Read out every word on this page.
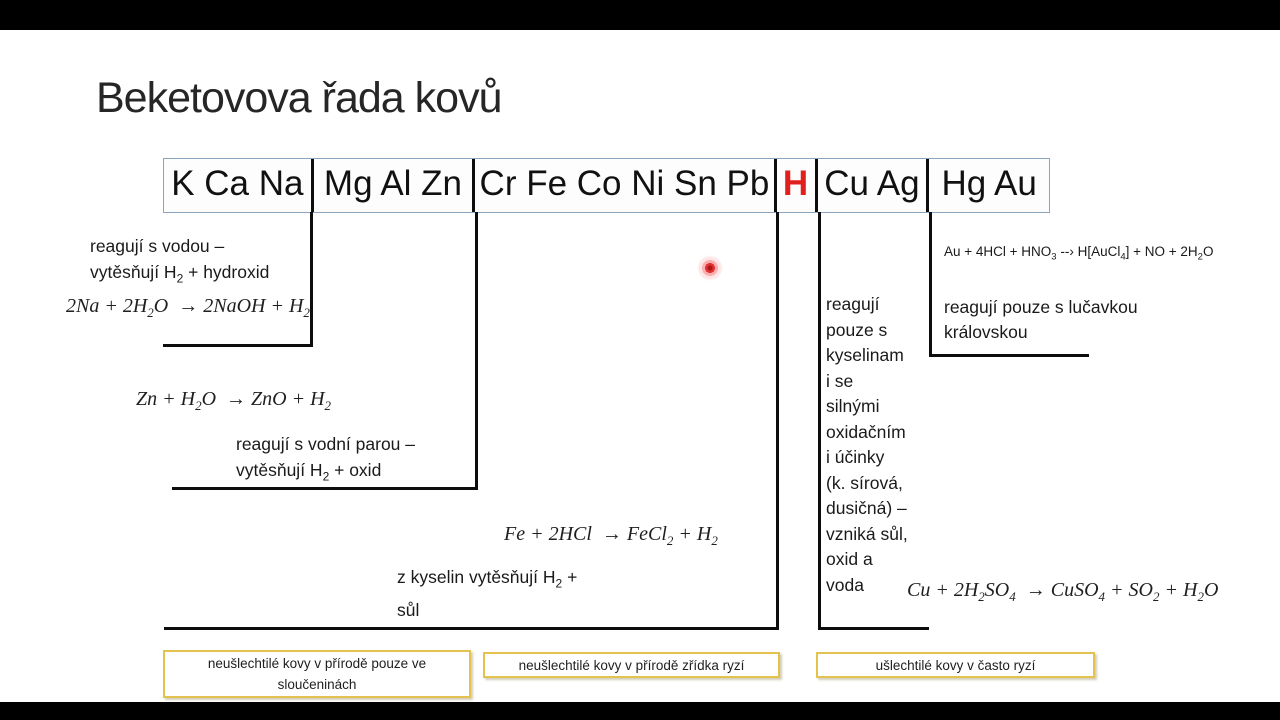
Beketovova řada kovů
K Ca Na Mg Al Zn Cr Fe Co Ni Sn Pb H Cu Ag Hg Au
reagují s vodou –
vytěsňují $H_2$ + hydroxid
$2Na + 2H_2O$  → 2NaOH + $H_2$
$Zn + H_2O$  → ZnO + $H_2$
reagují s vodní parou –
vytěsňují $H_2$ + oxid
Fe + 2HCl  → FeCl$_2$ + $H_2$
z kyselin vytěsňují $H_2$ +
sůl
reagují
pouze s
kyselinam
i se
silnými
oxidačním
i účinky
(k. sírová,
dusičná) –
vzniká sůl,
oxid a
voda	$Cu + 2H_2SO_4$  → CuSO$_4$ + $SO_2 + H_2O$
$Au + 4HCl + HNO_3$ --› H[AuCl$_4$] + NO + $2H_2O$
reagují pouze s lučavkou
královskou
neušlechtilé kovy v přírodě pouze ve sloučeninách
neušlechtilé kovy v přírodě zřídka ryzí	ušlechtilé kovy v často ryzí
